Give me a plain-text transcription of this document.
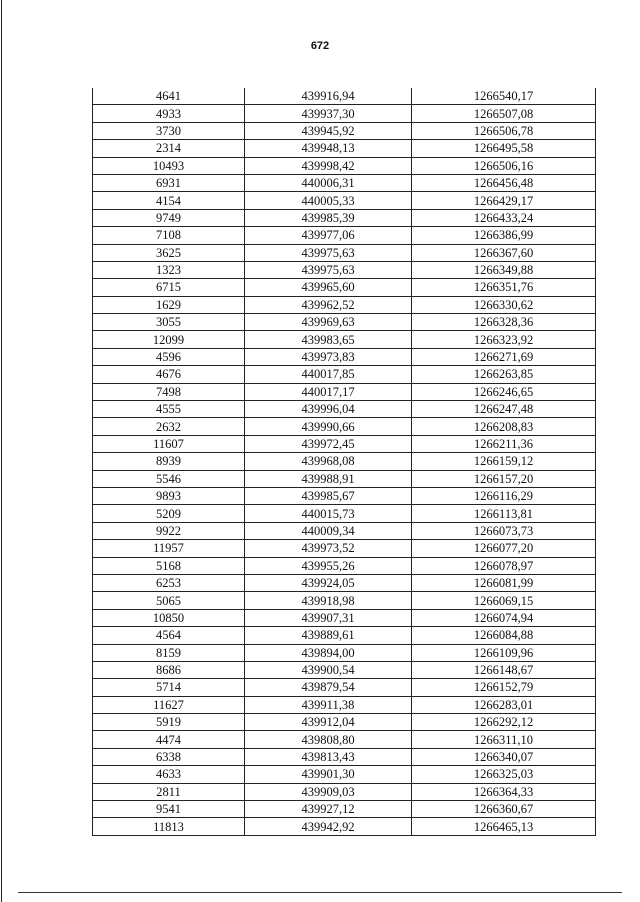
672
4641	439916,94	1266540,17
4933	439937,30	1266507,08
3730	439945,92	1266506,78
2314	439948,13	1266495,58
10493	439998,42	1266506,16
6931	440006,31	1266456,48
4154	440005,33	1266429,17
9749	439985,39	1266433,24
7108	439977,06	1266386,99
3625	439975,63	1266367,60
1323	439975,63	1266349,88
6715	439965,60	1266351,76
1629	439962,52	1266330,62
3055	439969,63	1266328,36
12099	439983,65	1266323,92
4596	439973,83	1266271,69
4676	440017,85	1266263,85
7498	440017,17	1266246,65
4555	439996,04	1266247,48
2632	439990,66	1266208,83
11607	439972,45	1266211,36
8939	439968,08	1266159,12
5546	439988,91	1266157,20
9893	439985,67	1266116,29
5209	440015,73	1266113,81
9922	440009,34	1266073,73
11957	439973,52	1266077,20
5168	439955,26	1266078,97
6253	439924,05	1266081,99
5065	439918,98	1266069,15
10850	439907,31	1266074,94
4564	439889,61	1266084,88
8159	439894,00	1266109,96
8686	439900,54	1266148,67
5714	439879,54	1266152,79
11627	439911,38	1266283,01
5919	439912,04	1266292,12
4474	439808,80	1266311,10
6338	439813,43	1266340,07
4633	439901,30	1266325,03
2811	439909,03	1266364,33
9541	439927,12	1266360,67
11813	439942,92	1266465,13
